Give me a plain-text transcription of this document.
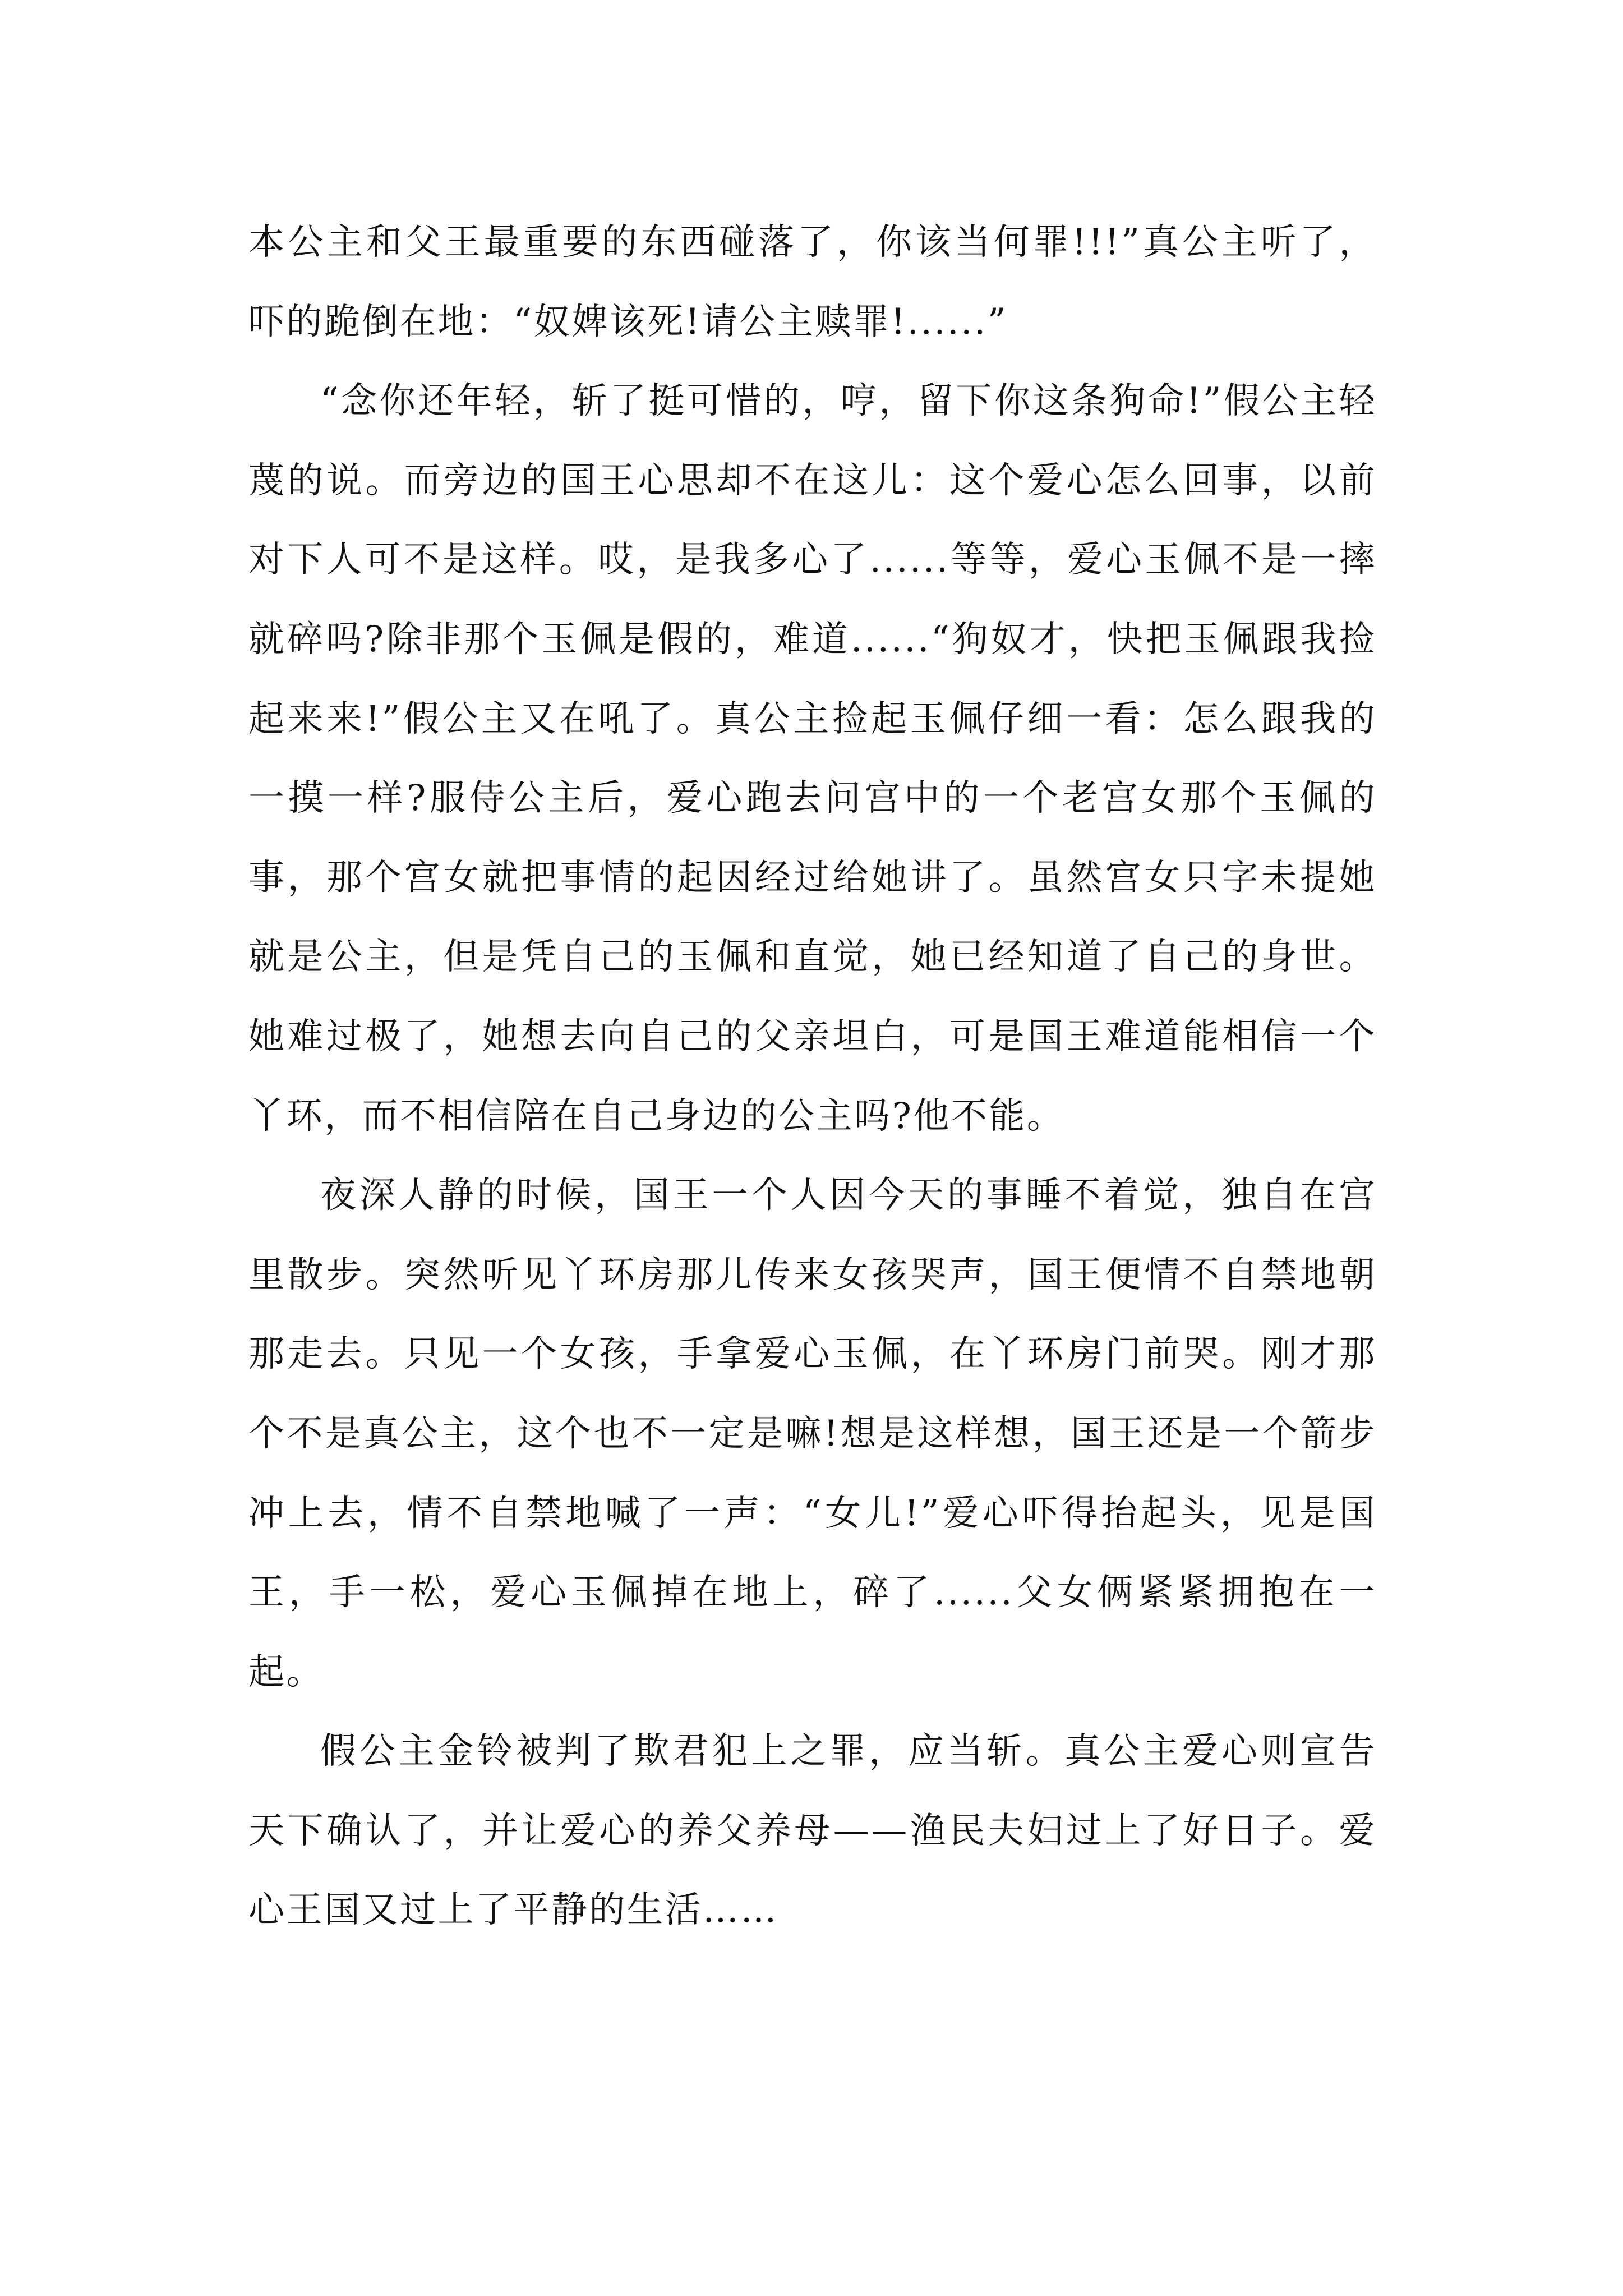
本公主和父王最重要的东西碰落了，你该当何罪!!!”真公主听了，吓的跪倒在地：“奴婢该死!请公主赎罪!......”

“念你还年轻，斩了挺可惜的，哼，留下你这条狗命!”假公主轻蔑的说。而旁边的国王心思却不在这儿：这个爱心怎么回事，以前对下人可不是这样。哎，是我多心了......等等，爱心玉佩不是一摔就碎吗?除非那个玉佩是假的，难道......“狗奴才，快把玉佩跟我捡起来来!”假公主又在吼了。真公主捡起玉佩仔细一看：怎么跟我的一摸一样?服侍公主后，爱心跑去问宫中的一个老宫女那个玉佩的事，那个宫女就把事情的起因经过给她讲了。虽然宫女只字未提她就是公主，但是凭自己的玉佩和直觉，她已经知道了自己的身世。她难过极了，她想去向自己的父亲坦白，可是国王难道能相信一个丫环，而不相信陪在自己身边的公主吗?他不能。

夜深人静的时候，国王一个人因今天的事睡不着觉，独自在宫里散步。突然听见丫环房那儿传来女孩哭声，国王便情不自禁地朝那走去。只见一个女孩，手拿爱心玉佩，在丫环房门前哭。刚才那个不是真公主，这个也不一定是嘛!想是这样想，国王还是一个箭步冲上去，情不自禁地喊了一声：“女儿!”爱心吓得抬起头，见是国王，手一松，爱心玉佩掉在地上，碎了......父女俩紧紧拥抱在一起。

假公主金铃被判了欺君犯上之罪，应当斩。真公主爱心则宣告天下确认了，并让爱心的养父养母——渔民夫妇过上了好日子。爱心王国又过上了平静的生活……
